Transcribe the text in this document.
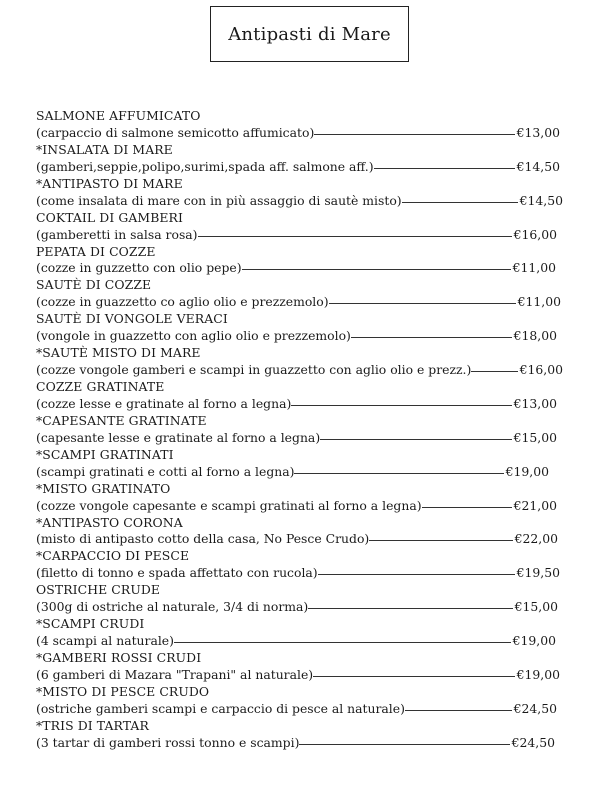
Antipasti di Mare
SALMONE AFFUMICATO
(carpaccio di salmone semicotto affumicato)	€13,00
*INSALATA DI MARE
(gamberi,seppie,polipo,surimi,spada aff. salmone aff.)	€14,50
*ANTIPASTO DI MARE
(come insalata di mare con in più assaggio di sautè misto)	€14,50
COKTAIL DI GAMBERI
(gamberetti in salsa rosa)	€16,00
PEPATA DI COZZE
(cozze in guzzetto con olio pepe)	€11,00
SAUTÈ DI COZZE
(cozze in guazzetto co aglio olio e prezzemolo)	€11,00
SAUTÈ DI VONGOLE VERACI
(vongole in guazzetto con aglio olio e prezzemolo)	€18,00
*SAUTÈ MISTO DI MARE
(cozze vongole gamberi e scampi in guazzetto con aglio olio e prezz.)	€16,00
COZZE GRATINATE
(cozze lesse e gratinate al forno a legna)	€13,00
*CAPESANTE GRATINATE
(capesante lesse e gratinate al forno a legna)	€15,00
*SCAMPI GRATINATI
(scampi gratinati e cotti al forno a legna)	€19,00
*MISTO GRATINATO
(cozze vongole capesante e scampi gratinati al forno a legna)	€21,00
*ANTIPASTO CORONA
(misto di antipasto cotto della casa, No Pesce Crudo)	€22,00
*CARPACCIO DI PESCE
(filetto di tonno e spada affettato con rucola)	€19,50
OSTRICHE CRUDE
(300g di ostriche al naturale, 3/4 di norma)	€15,00
*SCAMPI CRUDI
(4 scampi al naturale)	€19,00
*GAMBERI ROSSI CRUDI
(6 gamberi di Mazara "Trapani" al naturale)	€19,00
*MISTO DI PESCE CRUDO
(ostriche gamberi scampi e carpaccio di pesce al naturale)	€24,50
*TRIS DI TARTAR
(3 tartar di gamberi rossi tonno e scampi)	€24,50
